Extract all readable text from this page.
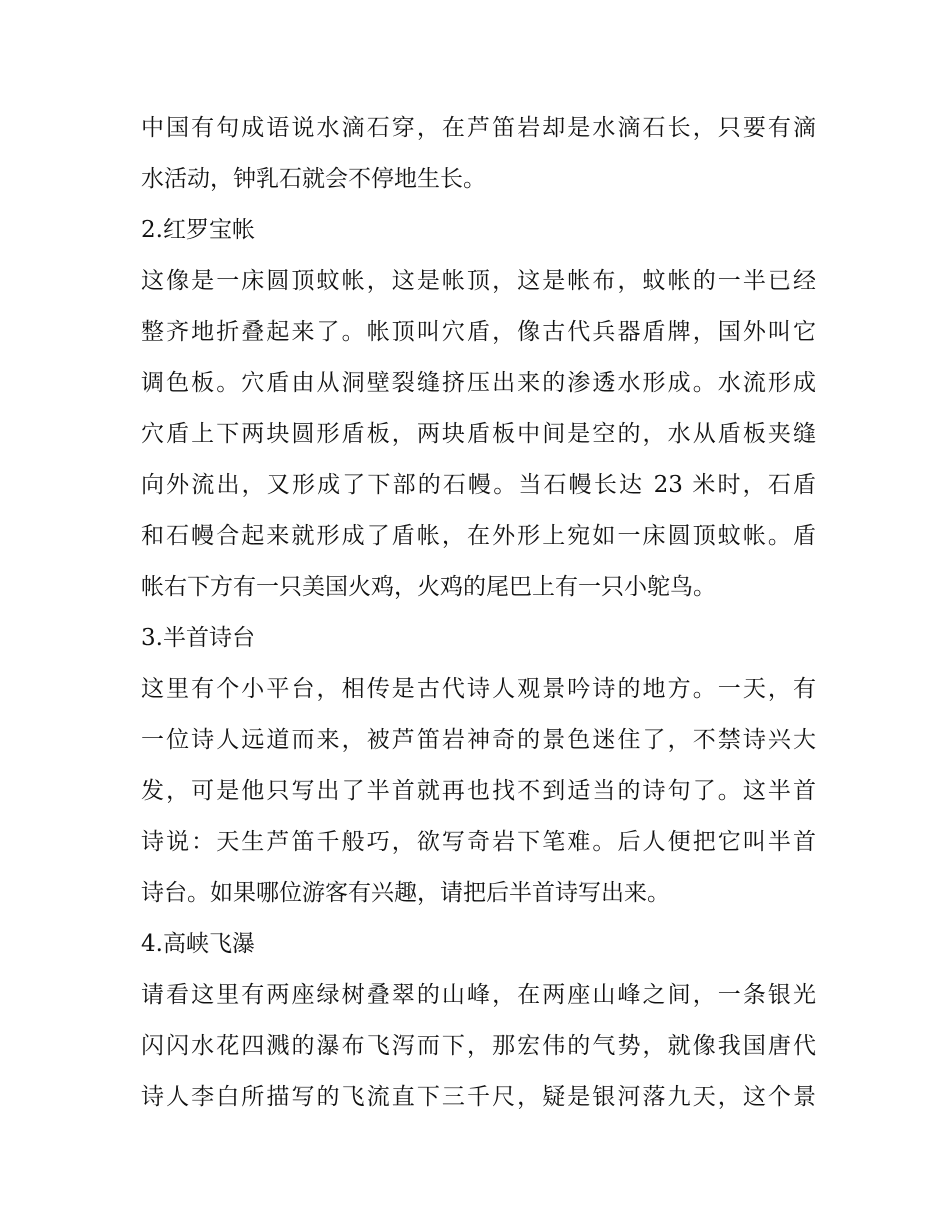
中国有句成语说水滴石穿，在芦笛岩却是水滴石长，只要有滴
水活动，钟乳石就会不停地生长。
2.红罗宝帐
这像是一床圆顶蚊帐，这是帐顶，这是帐布，蚊帐的一半已经
整齐地折叠起来了。帐顶叫穴盾，像古代兵器盾牌，国外叫它
调色板。穴盾由从洞壁裂缝挤压出来的渗透水形成。水流形成
穴盾上下两块圆形盾板，两块盾板中间是空的，水从盾板夹缝
向外流出，又形成了下部的石幔。当石幔长达 23 米时，石盾
和石幔合起来就形成了盾帐，在外形上宛如一床圆顶蚊帐。盾
帐右下方有一只美国火鸡，火鸡的尾巴上有一只小鸵鸟。
3.半首诗台
这里有个小平台，相传是古代诗人观景吟诗的地方。一天，有
一位诗人远道而来，被芦笛岩神奇的景色迷住了，不禁诗兴大
发，可是他只写出了半首就再也找不到适当的诗句了。这半首
诗说：天生芦笛千般巧，欲写奇岩下笔难。后人便把它叫半首
诗台。如果哪位游客有兴趣，请把后半首诗写出来。
4.高峡飞瀑
请看这里有两座绿树叠翠的山峰，在两座山峰之间，一条银光
闪闪水花四溅的瀑布飞泻而下，那宏伟的气势，就像我国唐代
诗人李白所描写的飞流直下三千尺，疑是银河落九天，这个景
